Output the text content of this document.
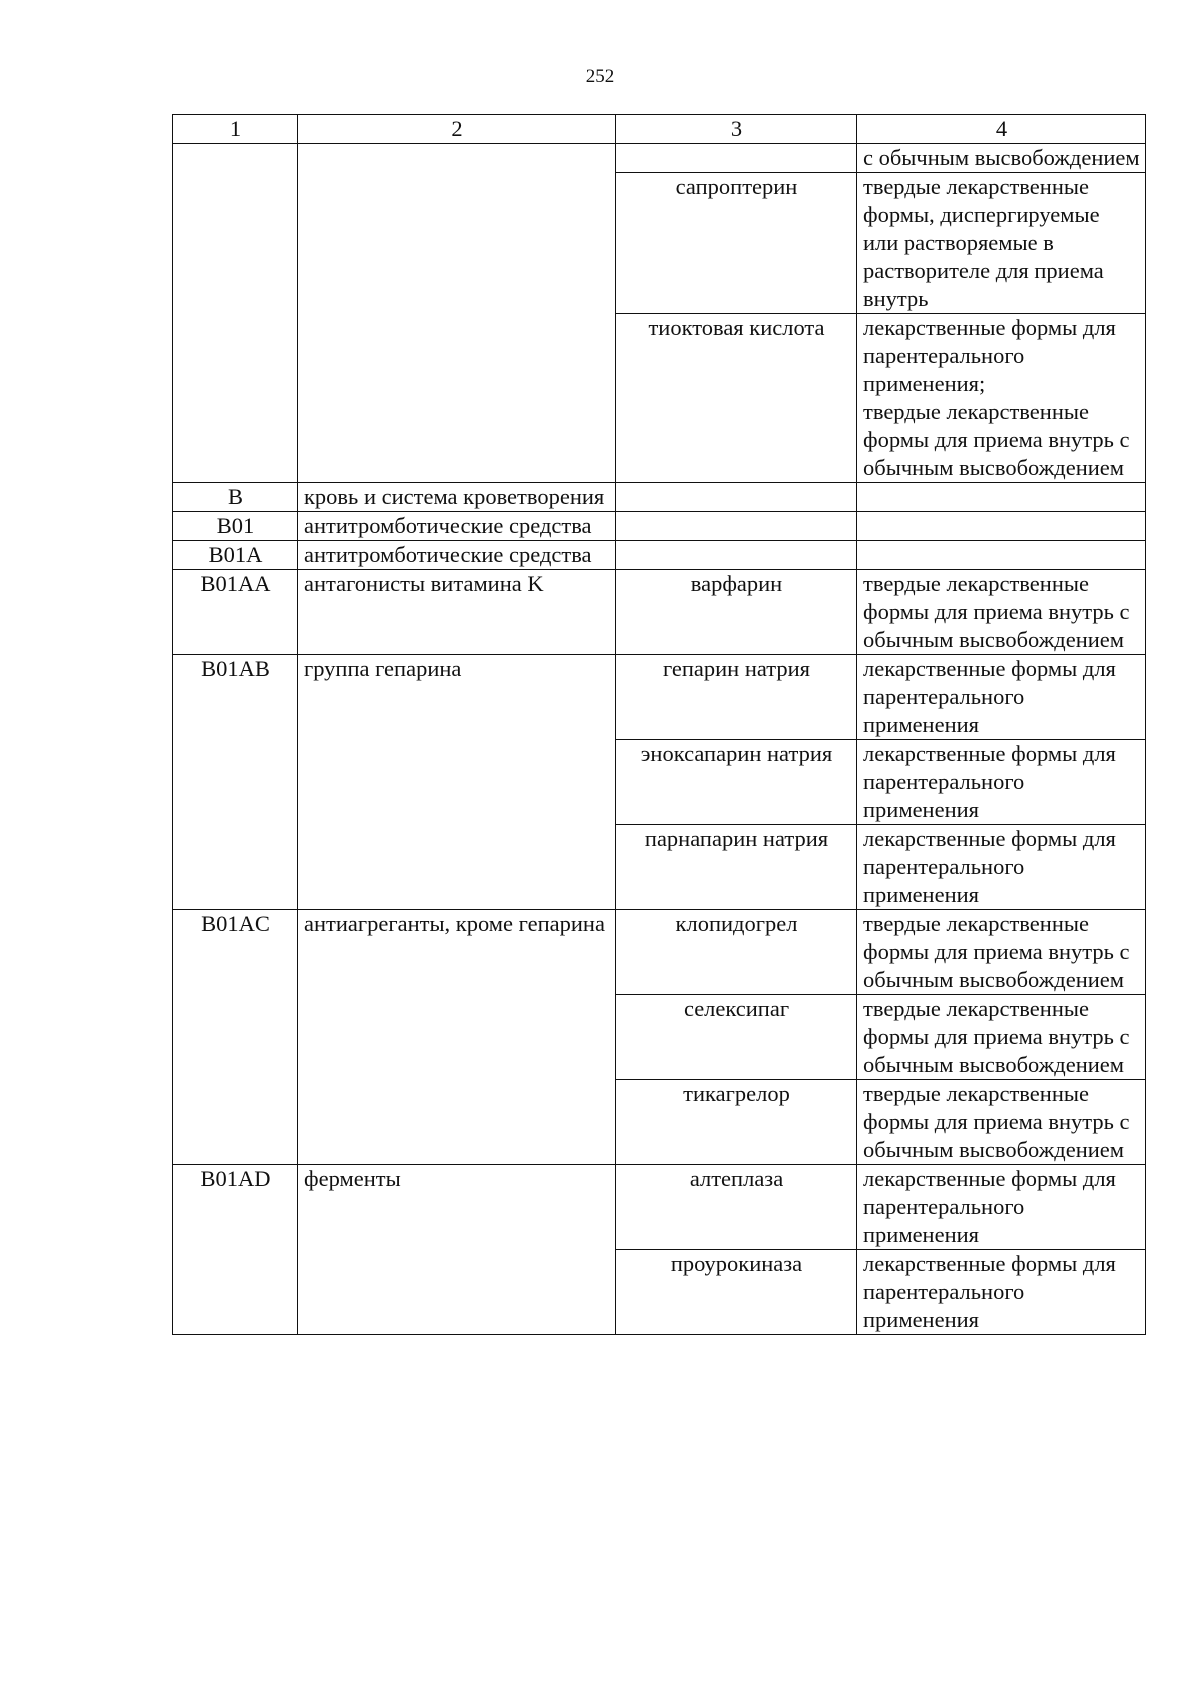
252
1	2	3	4
			с обычным высвобождением
		сапроптерин	твердые лекарственные формы, диспергируемые или растворяемые в растворителе для приема внутрь
		тиоктовая кислота	лекарственные формы для парентерального применения;
твердые лекарственные формы для приема внутрь с обычным высвобождением
B	кровь и система кроветворения		
B01	антитромботические средства		
B01A	антитромботические средства		
B01AA	антагонисты витамина K	варфарин	твердые лекарственные формы для приема внутрь с обычным высвобождением
B01AB	группа гепарина	гепарин натрия	лекарственные формы для парентерального применения
		эноксапарин натрия	лекарственные формы для парентерального применения
		парнапарин натрия	лекарственные формы для парентерального применения
B01AC	антиагреганты, кроме гепарина	клопидогрел	твердые лекарственные формы для приема внутрь с обычным высвобождением
		селексипаг	твердые лекарственные формы для приема внутрь с обычным высвобождением
		тикагрелор	твердые лекарственные формы для приема внутрь с обычным высвобождением
B01AD	ферменты	алтеплаза	лекарственные формы для парентерального применения
		проурокиназа	лекарственные формы для парентерального применения
